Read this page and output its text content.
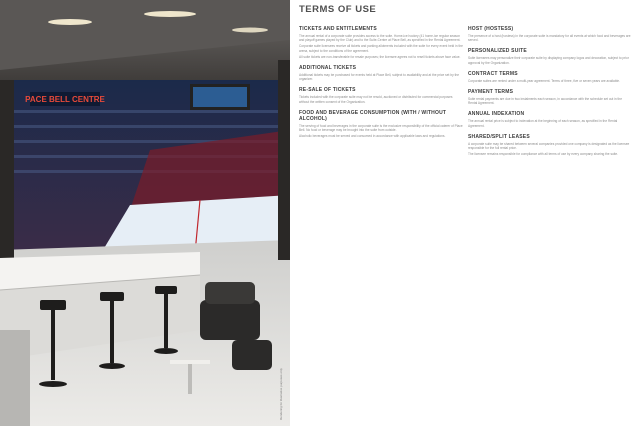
PACE BELL CENTRE
Rendering for illustrative purposes only
TERMS OF USE
TICKETS AND ENTITLEMENTS

The annual rental of a corporate suite provides access to the suite. Home-ice hockey (41 home-ice regular season and playoff games played by the Club) and to the Suite-Centre at Place Bell, as specified in the Rental Agreement.

Corporate suite licensees receive all tickets and parking allotments included with the suite for every event held in the arena, subject to the conditions of the agreement.

All suite tickets are non-transferable for resale purposes; the licensee agrees not to resell tickets above face value.

ADDITIONAL TICKETS

Additional tickets may be purchased for events held at Place Bell, subject to availability and at the price set by the organizer.

RE-SALE OF TICKETS

Tickets included with the corporate suite may not be resold, auctioned or distributed for commercial purposes without the written consent of the Organization.

FOOD AND BEVERAGE CONSUMPTION (WITH / WITHOUT ALCOHOL)

The serving of food and beverages in the corporate suite is the exclusive responsibility of the official caterer of Place Bell. No food or beverage may be brought into the suite from outside.

Alcoholic beverages must be served and consumed in accordance with applicable laws and regulations.

HOST (HOSTESS)

The presence of a host (hostess) in the corporate suite is mandatory for all events at which food and beverages are served.

PERSONALIZED SUITE

Suite licensees may personalize their corporate suite by displaying company logos and decoration, subject to prior approval by the Organization.

CONTRACT TERMS

Corporate suites are rented under a multi-year agreement. Terms of three, five or seven years are available.

PAYMENT TERMS

Suite rental payments are due in two instalments each season, in accordance with the schedule set out in the Rental Agreement.

ANNUAL INDEXATION

The annual rental price is subject to indexation at the beginning of each season, as specified in the Rental Agreement.

SHARED/SPLIT LEASES

A corporate suite may be shared between several companies provided one company is designated as the licensee responsible for the full rental price.

The licensee remains responsible for compliance with all terms of use by every company sharing the suite.
